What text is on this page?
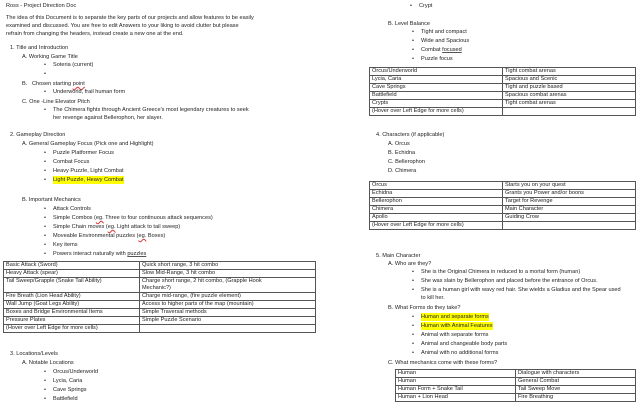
Ross - Project Direction Doc
The idea of this Document is to separate the key parts of our projects and allow features to be easily
examined and discussed. You are free to edit Answers to your liking to avoid clutter but please
refrain from changing the headers, instead create a new one at the end.
1. Title and Introduction
A. Working Game Title
• Soteria (current)
B.   Chosen starting point
• Underworld, frail human form
C. One -Line Elevator Pitch
• The Chimera fights through Ancient Greece's most legendary creatures to seek
her revenge against Bellerophon, her slayer.
2. Gameplay Direction
A. General Gameplay Focus (Pick one and Highlight)
• Puzzle Platformer Focus
• Combat Focus
• Heavy Puzzle, Light Combat
• Light Puzzle, Heavy Combat
B. Important Mechanics
• Attack Controls
• Simple Combos (eg. Three to four continuous attack sequences)
• Simple Chain moves (eg. Light attack to tail sweep)
• Moveable Environmental puzzles (eg. Boxes)
• Key items
• Powers interact naturally with puzzles
Basic Attack (Sword)	Quick short range, 3 hit combo
Heavy Attack (spear)	Slow Mid-Range, 3 hit combo
Tail Sweep/Grapple (Snake Tail Ability)	Charge short range, 2 hit combo, (Grapple Hook
	Mechanic?)
Fire Breath (Lion Head Ability)	Charge mid-range, (fire puzzle element)
Wall Jump (Goat Legs Ability)	Access to higher parts of the map (mountain)
Boxes and Bridge Environmental Items	Simple Traversal methods
Pressure Plates	Simple Puzzle Scenario
(Hover over Left Edge for more cells)	
3. Locations/Levels
A. Notable Locations
• Orcus/Underworld
• Lycia, Caria
• Cave Springs
• Battlefield
• Crypt
B. Level Balance
• Tight and compact
• Wide and Spacious
• Combat focused
• Puzzle focus
Orcus/Underworld	Tight combat arenas
Lycia, Caria	Spacious and Scenic
Cave Springs	Tight and puzzle based
Battlefield	Spacious combat arenas
Crypts	Tight combat arenas
(Hover over Left Edge for more cells)	
4. Characters (if applicable)
A. Orcus
B. Echidna
C. Bellerophon
D. Chimera
Orcus	Starts you on your quest
Echidna	Grants you Power and/or boons
Bellerophon	Target for Revenge
Chimera	Main Character
Apollo	Guiding Crow
(Hover over Left Edge for more cells)	
5. Main Character
A. Who are they?
• She is the Original Chimera in reduced to a mortal form (human)
• She was slain by Bellerophon and placed before the entrance of Orcus.
• She is a human girl with wavy red hair. She wields a Gladius and the Spear used
to kill her.
B. What Forms do they take?
• Human and separate forms
• Human with Animal Features
• Animal with separate forms
• Animal and changeable body parts
• Animal with no additional forms
C. What mechanics come with these forms?
Human	Dialogue with characters
Human	General Combat
Human Form + Snake Tail	Tail Sweep Move
Human + Lion Head	Fire Breathing
